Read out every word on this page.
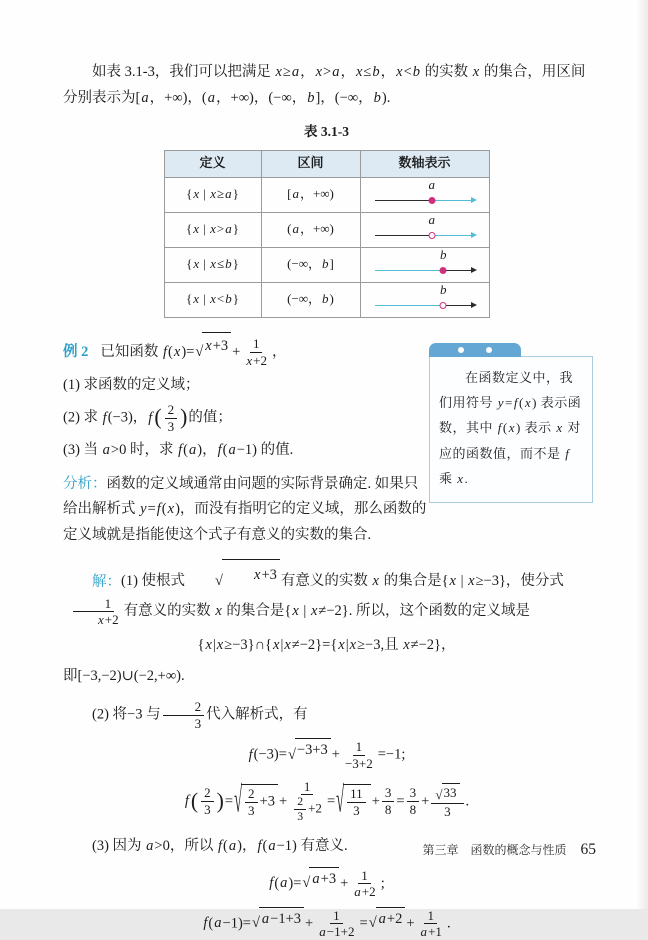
如表 3.1-3，我们可以把满足 x≥a，x>a，x≤b，x<b 的实数 x 的集合，用区间分别表示为[a，+∞)，(a，+∞)，(−∞，b]，(−∞，b).

表 3.1-3
定义	区间	数轴表示
{x | x≥a}	[a，+∞)	a

{x | x>a}	(a，+∞)	a

{x | x≤b}	(−∞，b]	b

{x | x<b}	(−∞，b)	b

例 2 已知函数 f(x)= √ $x+3 + \frac{1}{x+2}$ ，

(1) 求函数的定义域；

(2) 求 f(−3)，$f( \frac{2}{3}$ )的值；

(3) 当 a>0 时，求 f(a)，f(a−1) 的值.

分析：函数的定义域通常由问题的实际背景确定. 如果只给出解析式 y=f(x)，而没有指明它的定义域，那么函数的定义域就是指能使这个式子有意义的实数的集合.

在函数定义中，我们用符号 y=f(x) 表示函数，其中 f(x) 表示 x 对应的函数值，而不是 f 乘 x.

解：(1) 使根式	√	x+3 有意义的实数 x 的集合是{x | x≥−3}，使分式
$\frac{1}{x+2}$ 有意义的实数 x 的集合是{x | x≠−2}. 所以，这个函数的定义域是

{x|x≥−3}∩{x|x≠−2}={x|x≥−3,且 x≠−2}，

即[−3,−2)∪(−2,+∞).

(2) 将−3 与 $\frac{2}{3}$ 代入解析式，有

f(−3)= √ $-3+3 + \frac{1}{-3+2} =-1$;

$f( \frac{2}{3}$ )= √ $\frac{2}{3} +3 + \frac{1}{\frac{2}{3} +2}$ = √ $\frac{11}{3} + \frac{3}{8} = \frac{3}{8} + \frac{√ 33}{3}$ .

(3) 因为 a>0，所以 f(a)，f(a−1) 有意义.

f(a)= √ $a+3 + \frac{1}{a+2}$ ;

f(a−1)= √ $a-1+3 + \frac{1}{a-1+2}$ = √ $a+2 + \frac{1}{a+1}$ .

第三章 函数的概念与性质 65
